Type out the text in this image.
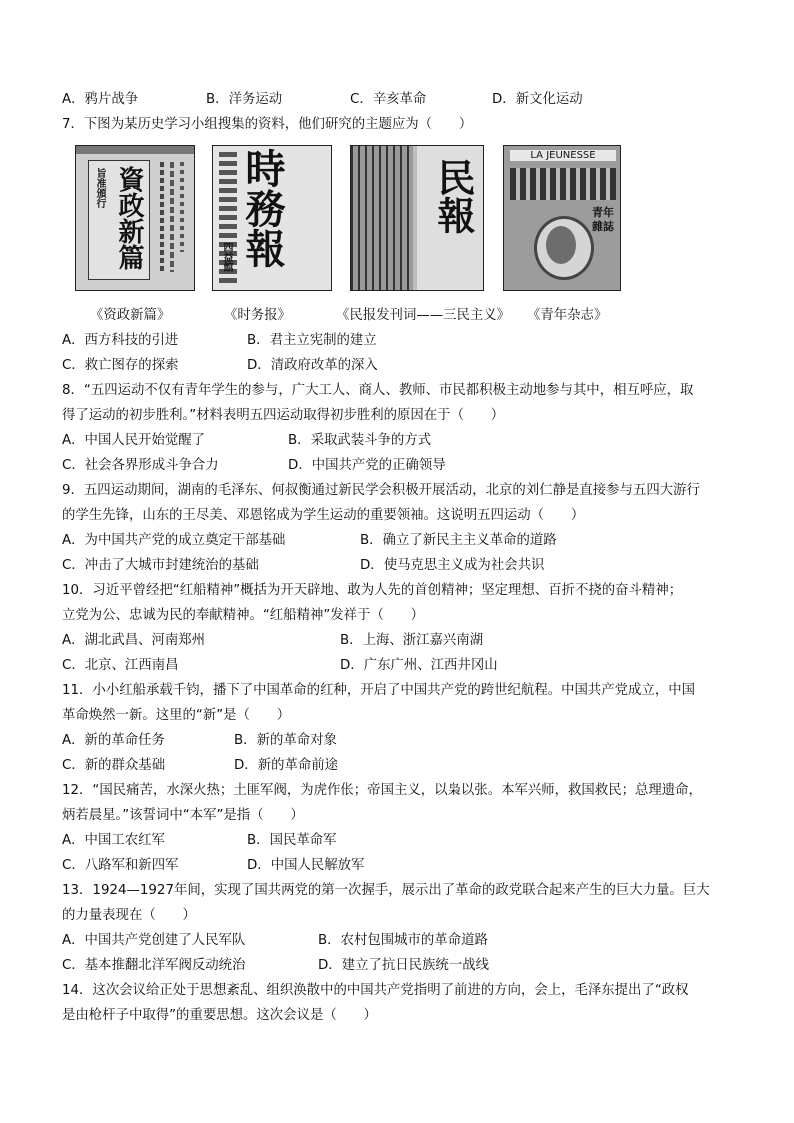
A．鸦片战争	B．洋务运动	C．辛亥革命	D．新文化运动
7．下图为某历史学习小组搜集的资料，他们研究的主题应为（　　）
旨准頒行 資政新篇 時務報
四益館
民報
LA JEUNESSE
青年雜誌
《资政新篇》	《时务报》	《民报发刊词——三民主义》 《青年杂志》
A．西方科技的引进	B．君主立宪制的建立
C．救亡图存的探索	D．清政府改革的深入
8．“五四运动不仅有青年学生的参与，广大工人、商人、教师、市民都积极主动地参与其中，相互呼应，取
得了运动的初步胜利。”材料表明五四运动取得初步胜利的原因在于（　　）
A．中国人民开始觉醒了	B．采取武装斗争的方式
C．社会各界形成斗争合力	D．中国共产党的正确领导
9．五四运动期间，湖南的毛泽东、何叔衡通过新民学会积极开展活动，北京的刘仁静是直接参与五四大游行
的学生先锋，山东的王尽美、邓恩铭成为学生运动的重要领袖。这说明五四运动（　　）
A．为中国共产党的成立奠定干部基础	B．确立了新民主主义革命的道路
C．冲击了大城市封建统治的基础	D．使马克思主义成为社会共识
10．习近平曾经把“红船精神”概括为开天辟地、敢为人先的首创精神；坚定理想、百折不挠的奋斗精神；
立党为公、忠诚为民的奉献精神。“红船精神”发祥于（　　）
A．湖北武昌、河南郑州	B．上海、浙江嘉兴南湖
C．北京、江西南昌	D．广东广州、江西井冈山
11．小小红船承载千钧，播下了中国革命的红种，开启了中国共产党的跨世纪航程。中国共产党成立，中国
革命焕然一新。这里的“新”是（　　）
A．新的革命任务	B．新的革命对象
C．新的群众基础	D．新的革命前途
12．“国民痛苦，水深火热；土匪军阀，为虎作伥；帝国主义，以枭以张。本军兴师，救国救民；总理遗命，
炳若晨星。”该誓词中“本军”是指（　　）
A．中国工农红军	B．国民革命军
C．八路军和新四军	D．中国人民解放军
13．1924—1927年间，实现了国共两党的第一次握手，展示出了革命的政党联合起来产生的巨大力量。巨大
的力量表现在（　　）
A．中国共产党创建了人民军队	B．农村包围城市的革命道路
C．基本推翻北洋军阀反动统治	D．建立了抗日民族统一战线
14．这次会议给正处于思想紊乱、组织涣散中的中国共产党指明了前进的方向，会上，毛泽东提出了“政权
是由枪杆子中取得”的重要思想。这次会议是（　　）
